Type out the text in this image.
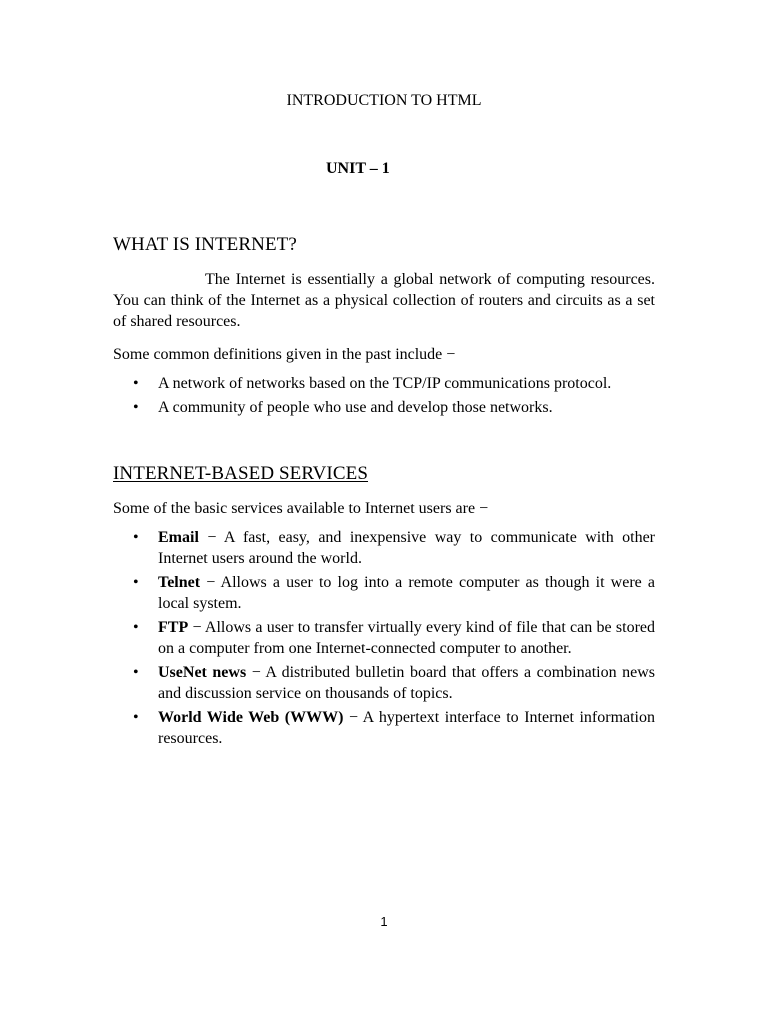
INTRODUCTION TO HTML
UNIT – 1
WHAT IS INTERNET?

The Internet is essentially a global network of computing resources. You can think of the Internet as a physical collection of routers and circuits as a set of shared resources.

Some common definitions given in the past include −

• A network of networks based on the TCP/IP communications protocol.
• A community of people who use and develop those networks.
INTERNET-BASED SERVICES

Some of the basic services available to Internet users are −

• Email − A fast, easy, and inexpensive way to communicate with other Internet users around the world.
• Telnet − Allows a user to log into a remote computer as though it were a local system.
• FTP − Allows a user to transfer virtually every kind of file that can be stored on a computer from one Internet-connected computer to another.
• UseNet news − A distributed bulletin board that offers a combination news and discussion service on thousands of topics.
• World Wide Web (WWW) − A hypertext interface to Internet information resources.
1
